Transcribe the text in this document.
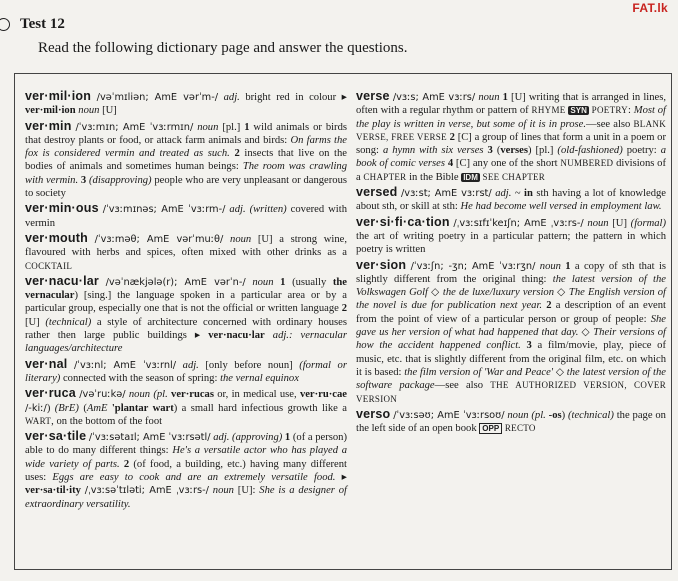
FAT.lk
Test 12
Read the following dictionary page and answer the questions.
ver·mil·ion /vəˈmɪliən; AmE vərˈm-/ adj. bright red in colour ▸ ver·mil·ion noun [U]
ver·min /ˈvɜːmɪn; AmE ˈvɜːrmɪn/ noun [pl.] 1 wild animals or birds that destroy plants or food, or attack farm animals and birds: On farms the fox is considered vermin and treated as such. 2 insects that live on the bodies of animals and sometimes human beings: The room was crawling with vermin. 3 (disapproving) people who are very unpleasant or dangerous to society
ver·min·ous /ˈvɜːmɪnəs; AmE ˈvɜːrm-/ adj. (written) covered with vermin
ver·mouth /ˈvɜːməθ; AmE vərˈmuːθ/ noun [U] a strong wine, flavoured with herbs and spices, often mixed with other drinks as a COCKTAIL
ver·nacu·lar /vəˈnækjələ(r); AmE vərˈn-/ noun 1 (usually the vernacular) [sing.] the language spoken in a particular area or by a particular group, especially one that is not the official or written language 2 [U] (technical) a style of architecture concerned with ordinary houses rather then large public buildings ▸ ver·nacu·lar adj.: vernacular languages/architecture
ver·nal /ˈvɜːnl; AmE ˈvɜːrnl/ adj. [only before noun] (formal or literary) connected with the season of spring: the vernal equinox
ver·ruca /vəˈruːkə/ noun (pl. ver·rucas or, in medical use, ver·ru·cae /-kiː/) (BrE) (AmE 'plantar wart) a small hard infectious growth like a WART, on the bottom of the foot
ver·sa·tile /ˈvɜːsətaɪl; AmE ˈvɜːrsətl/ adj. (approving) 1 (of a person) able to do many different things: He's a versatile actor who has played a wide variety of parts. 2 (of food, a building, etc.) having many different uses: Eggs are easy to cook and are an extremely versatile food. ▸ ver·sa·til·ity /ˌvɜːsəˈtɪləti; AmE ˌvɜːrs-/ noun [U]: She is a designer of extraordinary versatility.
verse /vɜːs; AmE vɜːrs/ noun 1 [U] writing that is arranged in lines, often with a regular rhythm or pattern of RHYME SYN POETRY: Most of the play is written in verse, but some of it is in prose.—see also BLANK VERSE, FREE VERSE 2 [C] a group of lines that form a unit in a poem or song: a hymn with six verses 3 (verses) [pl.] (old-fashioned) poetry: a book of comic verses 4 [C] any one of the short NUMBERED divisions of a CHAPTER in the Bible IDM SEE CHAPTER
versed /vɜːst; AmE vɜːrst/ adj. ~ in sth having a lot of knowledge about sth, or skill at sth: He had become well versed in employment law.
ver·si·fi·ca·tion /ˌvɜːsɪfɪˈkeɪʃn; AmE ˌvɜːrs-/ noun [U] (formal) the art of writing poetry in a particular pattern; the pattern in which poetry is written
ver·sion /ˈvɜːʃn; -ʒn; AmE ˈvɜːrʒn/ noun 1 a copy of sth that is slightly different from the original thing: the latest version of the Volkswagen Golf ◇ the de luxe/luxury version ◇ The English version of the novel is due for publication next year. 2 a description of an event from the point of view of a particular person or group of people: She gave us her version of what had happened that day. ◇ Their versions of how the accident happened conflict. 3 a film/movie, play, piece of music, etc. that is slightly different from the original film, etc. on which it is based: the film version of 'War and Peace' ◇ the latest version of the software package—see also THE AUTHORIZED VERSION, COVER VERSION
verso /ˈvɜːsəʊ; AmE ˈvɜːrsoʊ/ noun (pl. -os) (technical) the page on the left side of an open book OPP RECTO
